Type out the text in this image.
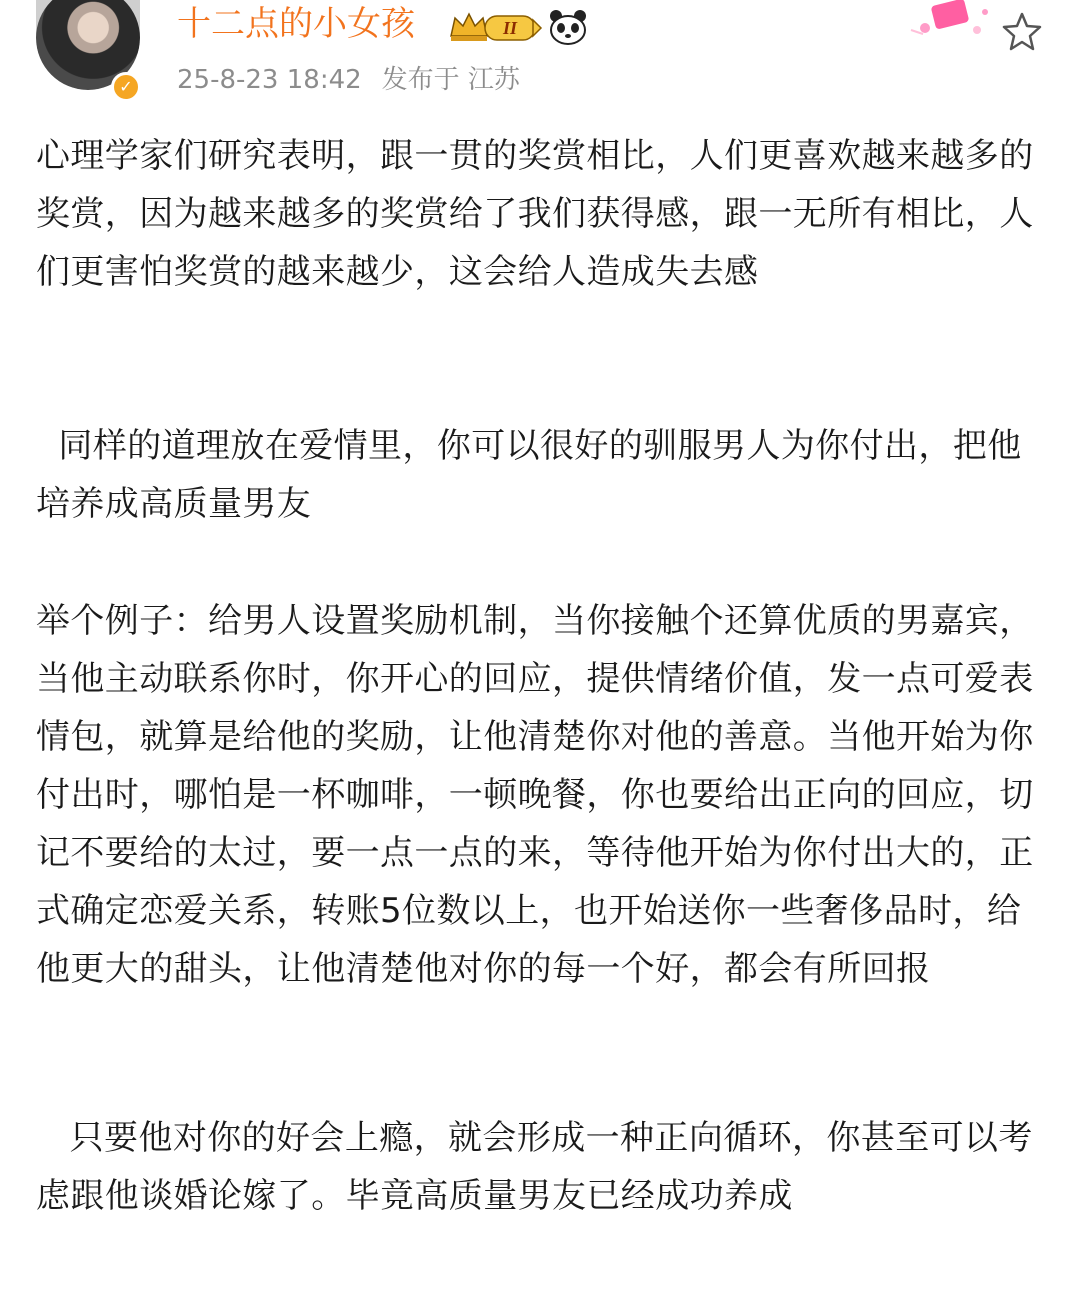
✓
十二点的小女孩	II
25-8-23 18:42 发布于 江苏

心理学家们研究表明，跟一贯的奖赏相比，人们更喜欢越来越多的奖赏，因为越来越多的奖赏给了我们获得感，跟一无所有相比，人们更害怕奖赏的越来越少，这会给人造成失去感

同样的道理放在爱情里，你可以很好的驯服男人为你付出，把他培养成高质量男友

举个例子：给男人设置奖励机制，当你接触个还算优质的男嘉宾，当他主动联系你时，你开心的回应，提供情绪价值，发一点可爱表情包，就算是给他的奖励，让他清楚你对他的善意。当他开始为你付出时，哪怕是一杯咖啡，一顿晚餐，你也要给出正向的回应，切记不要给的太过，要一点一点的来，等待他开始为你付出大的，正式确定恋爱关系，转账5位数以上，也开始送你一些奢侈品时，给他更大的甜头，让他清楚他对你的每一个好，都会有所回报

只要他对你的好会上瘾，就会形成一种正向循环，你甚至可以考虑跟他谈婚论嫁了。毕竟高质量男友已经成功养成
